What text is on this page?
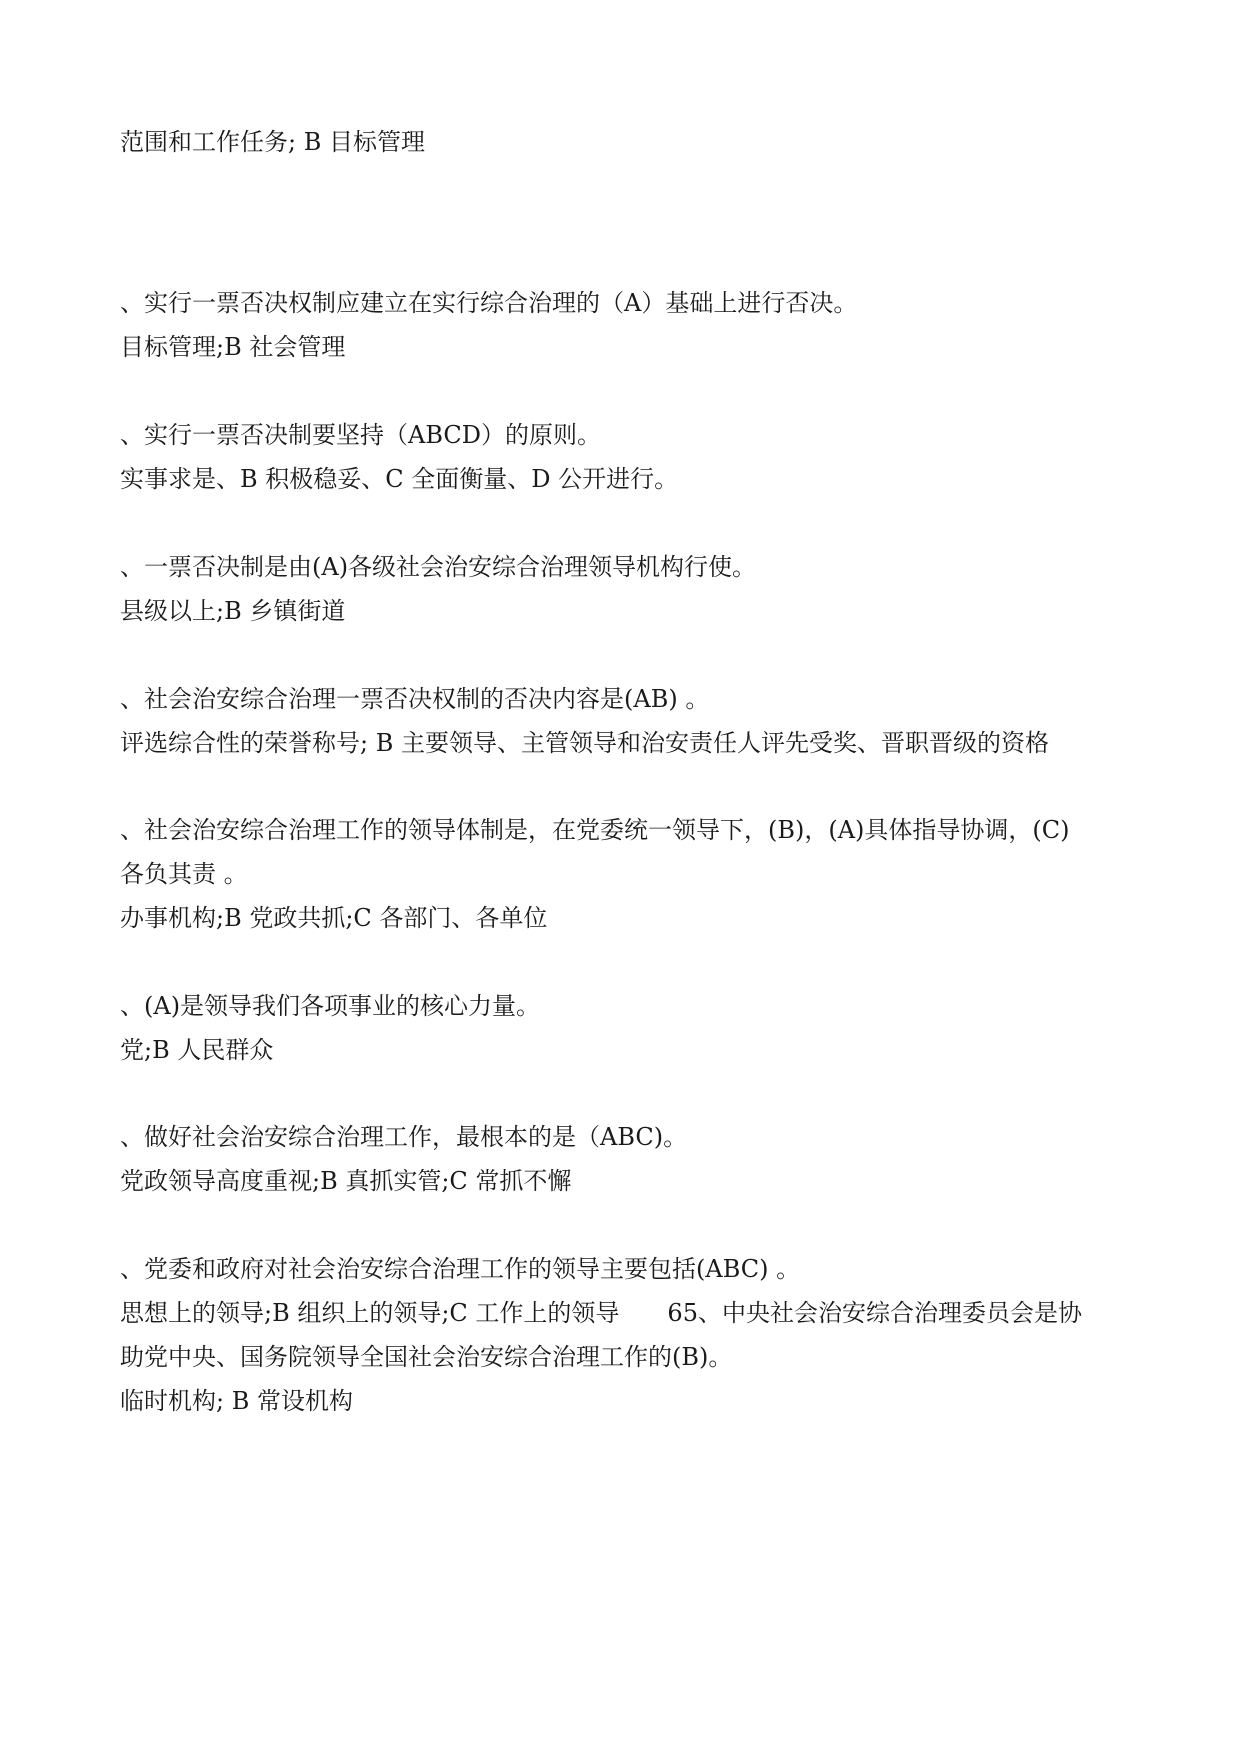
范围和工作任务; B 目标管理

、实行一票否决权制应建立在实行综合治理的（A）基础上进行否决。

目标管理;B 社会管理

、实行一票否决制要坚持（ABCD）的原则。

实事求是、B 积极稳妥、C 全面衡量、D 公开进行。

、一票否决制是由(A)各级社会治安综合治理领导机构行使。

县级以上;B 乡镇街道

、社会治安综合治理一票否决权制的否决内容是(AB) 。

评选综合性的荣誉称号; B 主要领导、主管领导和治安责任人评先受奖、晋职晋级的资格

、社会治安综合治理工作的领导体制是，在党委统一领导下，(B)，(A)具体指导协调，(C)

各负其责 。

办事机构;B 党政共抓;C 各部门、各单位

、(A)是领导我们各项事业的核心力量。

党;B 人民群众

、做好社会治安综合治理工作，最根本的是（ABC)。

党政领导高度重视;B 真抓实管;C 常抓不懈

、党委和政府对社会治安综合治理工作的领导主要包括(ABC) 。

思想上的领导;B 组织上的领导;C 工作上的领导　　65、中央社会治安综合治理委员会是协

助党中央、国务院领导全国社会治安综合治理工作的(B)。

临时机构; B 常设机构
